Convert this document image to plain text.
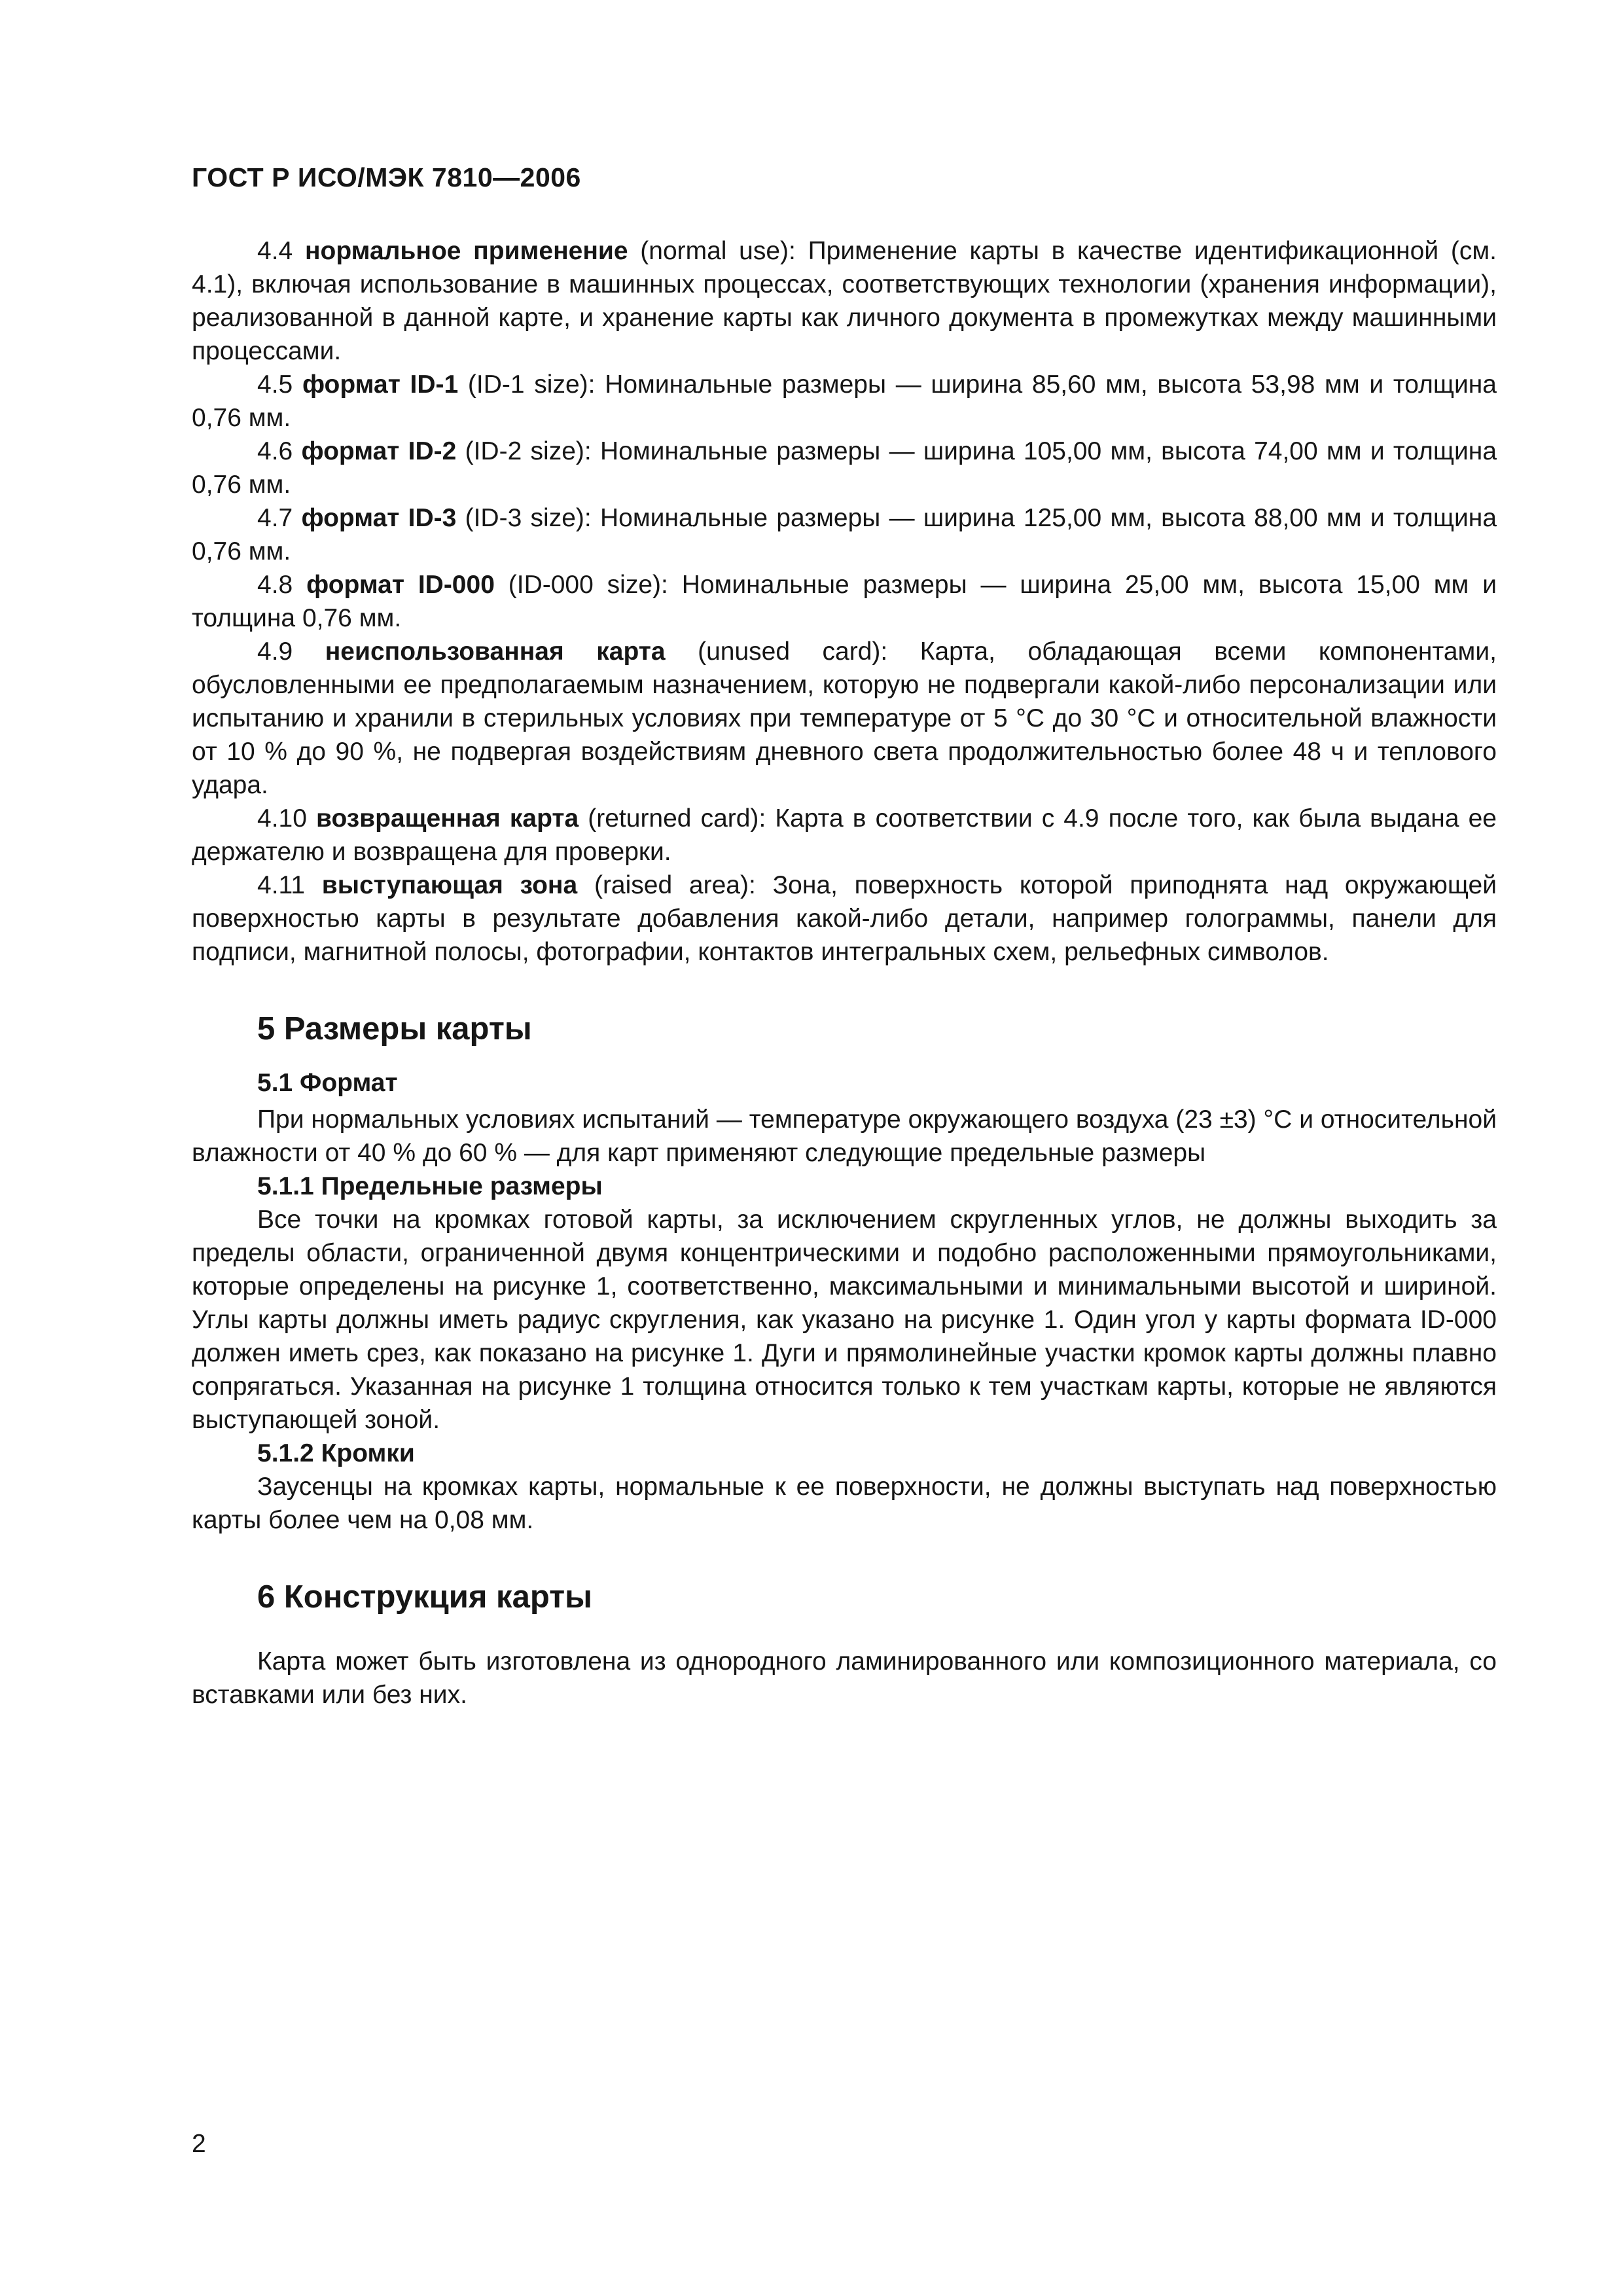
ГОСТ Р ИСО/МЭК 7810—2006

4.4 нормальное применение (normal use): Применение карты в качестве идентификационной (см. 4.1), включая использование в машинных процессах, соответствующих технологии (хранения информации), реализованной в данной карте, и хранение карты как личного документа в промежутках между машинными процессами.

4.5 формат ID-1 (ID-1 size): Номинальные размеры — ширина 85,60 мм, высота 53,98 мм и толщина 0,76 мм.

4.6 формат ID-2 (ID-2 size): Номинальные размеры — ширина 105,00 мм, высота 74,00 мм и толщина 0,76 мм.

4.7 формат ID-3 (ID-3 size): Номинальные размеры — ширина 125,00 мм, высота 88,00 мм и толщина 0,76 мм.

4.8 формат ID-000 (ID-000 size): Номинальные размеры — ширина 25,00 мм, высота 15,00 мм и толщина 0,76 мм.

4.9 неиспользованная карта (unused card): Карта, обладающая всеми компонентами, обусловленными ее предполагаемым назначением, которую не подвергали какой-либо персонализации или испытанию и хранили в стерильных условиях при температуре от 5 °С до 30 °С и относительной влажности от 10 % до 90 %, не подвергая воздействиям дневного света продолжительностью более 48 ч и теплового удара.

4.10 возвращенная карта (returned card): Карта в соответствии с 4.9 после того, как была выдана ее держателю и возвращена для проверки.

4.11 выступающая зона (raised area): Зона, поверхность которой приподнята над окружающей поверхностью карты в результате добавления какой-либо детали, например голограммы, панели для подписи, магнитной полосы, фотографии, контактов интегральных схем, рельефных символов.

5 Размеры карты
5.1 Формат

При нормальных условиях испытаний — температуре окружающего воздуха (23 ±3) °С и относительной влажности от 40 % до 60 % — для карт применяют следующие предельные размеры

5.1.1 Предельные размеры

Все точки на кромках готовой карты, за исключением скругленных углов, не должны выходить за пределы области, ограниченной двумя концентрическими и подобно расположенными прямоугольниками, которые определены на рисунке 1, соответственно, максимальными и минимальными высотой и шириной. Углы карты должны иметь радиус скругления, как указано на рисунке 1. Один угол у карты формата ID-000 должен иметь срез, как показано на рисунке 1. Дуги и прямолинейные участки кромок карты должны плавно сопрягаться. Указанная на рисунке 1 толщина относится только к тем участкам карты, которые не являются выступающей зоной.

5.1.2 Кромки

Заусенцы на кромках карты, нормальные к ее поверхности, не должны выступать над поверхностью карты более чем на 0,08 мм.

6 Конструкция карты

Карта может быть изготовлена из однородного ламинированного или композиционного материала, со вставками или без них.

2
